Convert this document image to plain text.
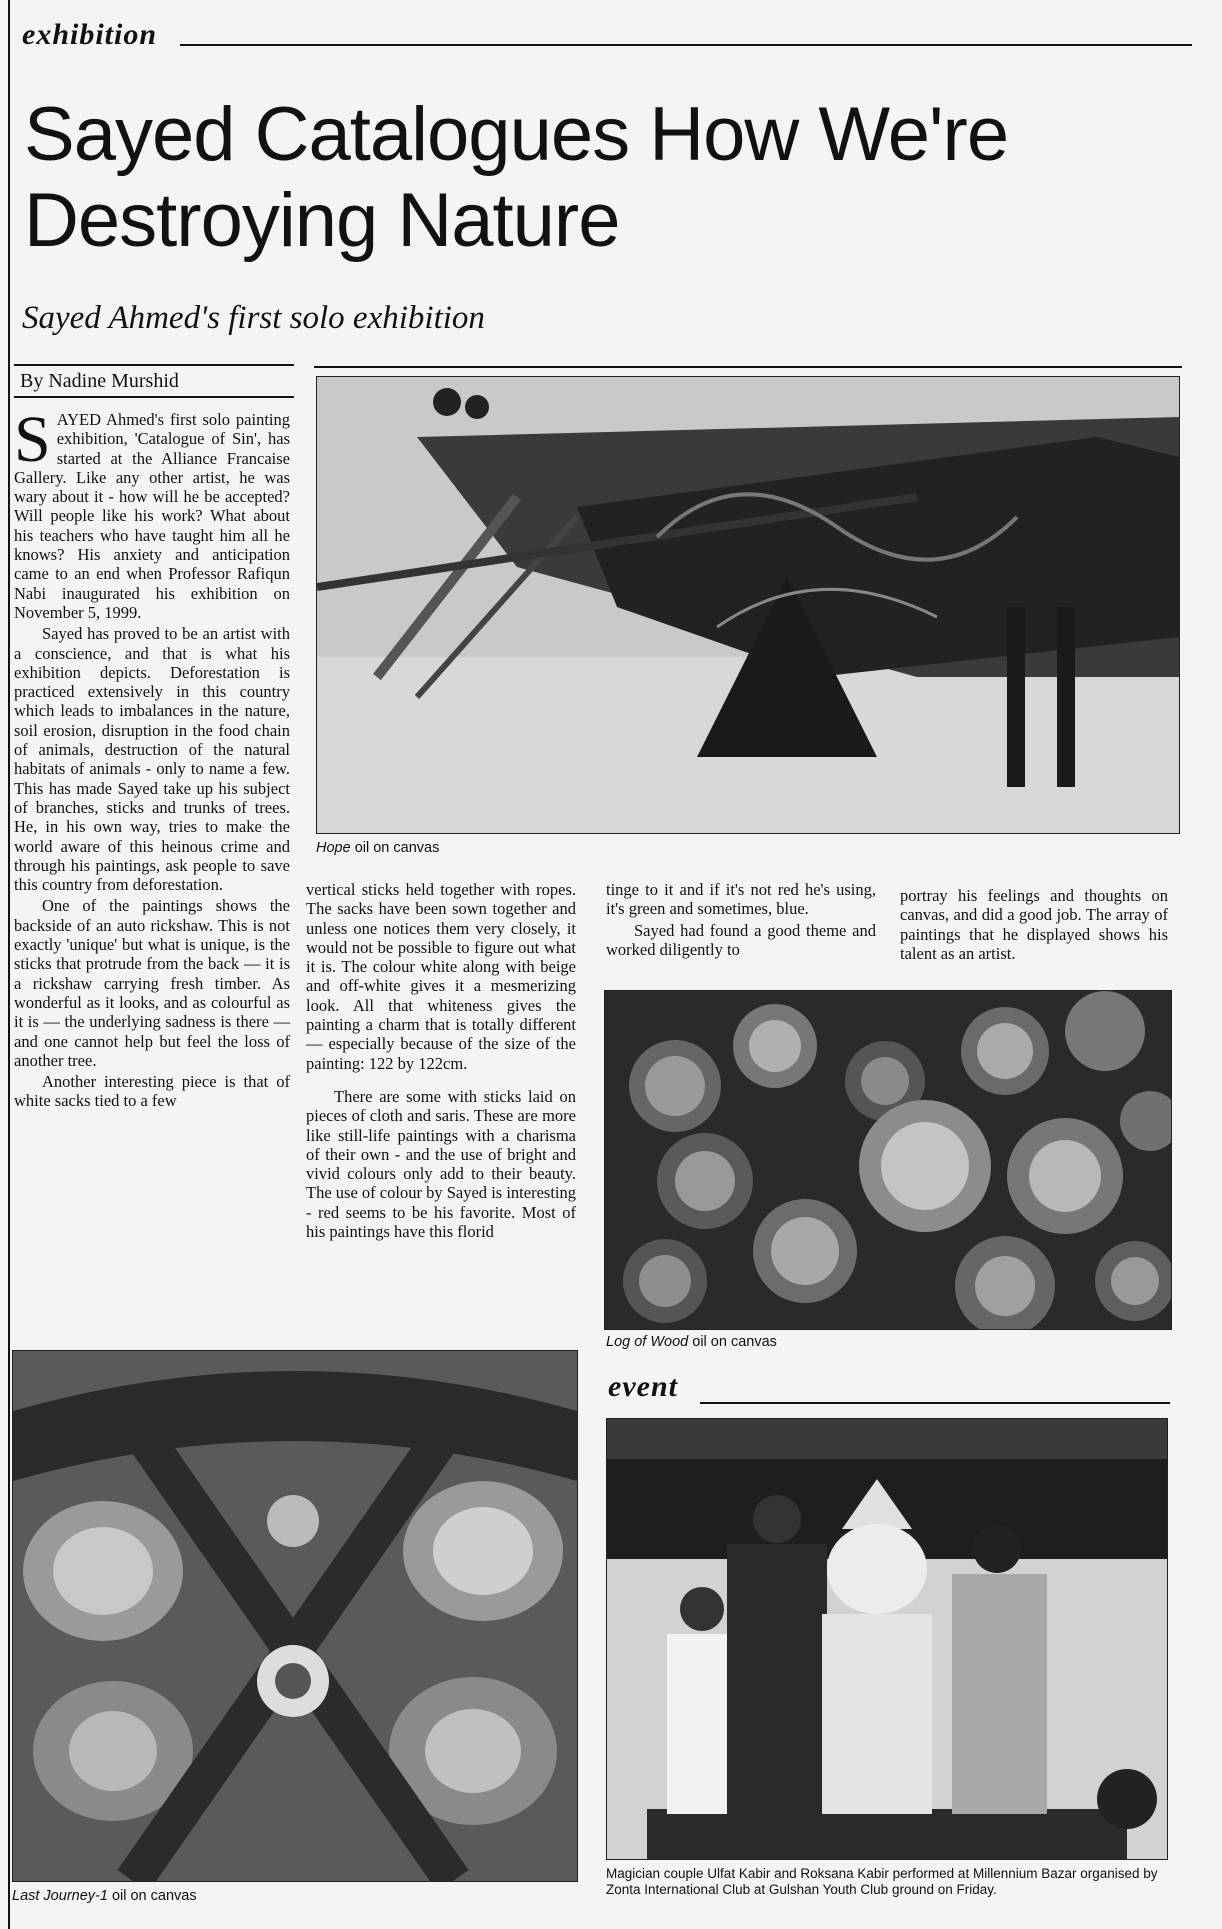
exhibition
Sayed Catalogues How We're
Destroying Nature
Sayed Ahmed's first solo exhibition
By Nadine Murshid

SAYED Ahmed's first solo painting exhibition, 'Catalogue of Sin', has started at the Alliance Francaise Gallery. Like any other artist, he was wary about it - how will he be accepted? Will people like his work? What about his teachers who have taught him all he knows? His anxiety and anticipation came to an end when Professor Rafiqun Nabi inaugurated his exhibition on November 5, 1999.

Sayed has proved to be an artist with a conscience, and that is what his exhibition depicts. Deforestation is practiced extensively in this country which leads to imbalances in the nature, soil erosion, disruption in the food chain of animals, destruction of the natural habitats of animals - only to name a few. This has made Sayed take up his subject of branches, sticks and trunks of trees. He, in his own way, tries to make the world aware of this heinous crime and through his paintings, ask people to save this country from deforestation.

One of the paintings shows the backside of an auto rickshaw. This is not exactly 'unique' but what is unique, is the sticks that protrude from the back — it is a rickshaw carrying fresh timber. As wonderful as it looks, and as colourful as it is — the underlying sadness is there — and one cannot help but feel the loss of another tree.

Another interesting piece is that of white sacks tied to a few

Hope oil on canvas

vertical sticks held together with ropes. The sacks have been sown together and unless one notices them very closely, it would not be possible to figure out what it is. The colour white along with beige and off-white gives it a mesmerizing look. All that whiteness gives the painting a charm that is totally different — especially because of the size of the painting: 122 by 122cm.

There are some with sticks laid on pieces of cloth and saris. These are more like still-life paintings with a charisma of their own - and the use of bright and vivid colours only add to their beauty. The use of colour by Sayed is interesting - red seems to be his favorite. Most of his paintings have this florid

tinge to it and if it's not red he's using, it's green and sometimes, blue.

Sayed had found a good theme and worked diligently to

portray his feelings and thoughts on canvas, and did a good job. The array of paintings that he displayed shows his talent as an artist.

Log of Wood oil on canvas
Last Journey-1 oil on canvas
event
Magician couple Ulfat Kabir and Roksana Kabir performed at Millennium Bazar organised by Zonta International Club at Gulshan Youth Club ground on Friday.
